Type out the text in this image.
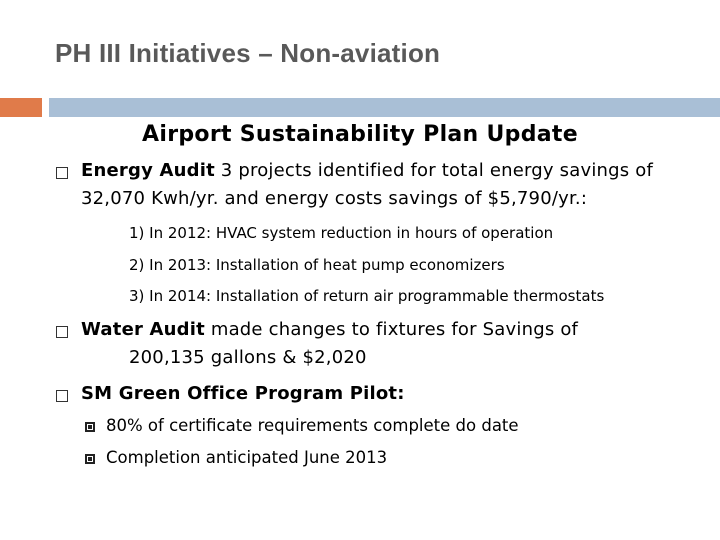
PH III Initiatives – Non-aviation
Airport Sustainability Plan Update
Energy Audit 3 projects identified for total energy savings of
32,070 Kwh/yr. and energy costs savings of $5,790/yr.:
1) In 2012: HVAC system reduction in hours of operation
2) In 2013: Installation of heat pump economizers
3) In 2014: Installation of return air programmable thermostats
Water Audit made changes to fixtures for Savings of
200,135 gallons & $2,020
SM Green Office Program Pilot:
80% of certificate requirements complete do date
Completion anticipated June 2013
